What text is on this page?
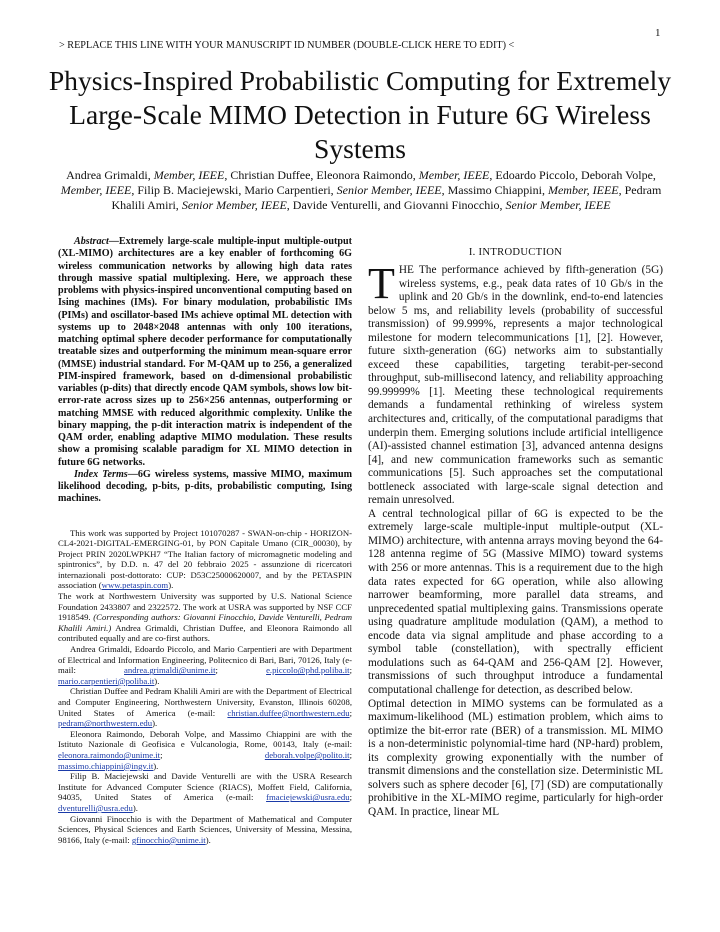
1
> REPLACE THIS LINE WITH YOUR MANUSCRIPT ID NUMBER (DOUBLE-CLICK HERE TO EDIT) <
Physics-Inspired Probabilistic Computing for Extremely Large-Scale MIMO Detection in Future 6G Wireless Systems
Andrea Grimaldi, Member, IEEE, Christian Duffee, Eleonora Raimondo, Member, IEEE, Edoardo Piccolo, Deborah Volpe, Member, IEEE, Filip B. Maciejewski, Mario Carpentieri, Senior Member, IEEE, Massimo Chiappini, Member, IEEE, Pedram Khalili Amiri, Senior Member, IEEE, Davide Venturelli, and Giovanni Finocchio, Senior Member, IEEE

Abstract—Extremely large-scale multiple-input multiple-output (XL-MIMO) architectures are a key enabler of forthcoming 6G wireless communication networks by allowing high data rates through massive spatial multiplexing. Here, we approach these problems with physics-inspired unconventional computing based on Ising machines (IMs). For binary modulation, probabilistic IMs (PIMs) and oscillator-based IMs achieve optimal ML detection with systems up to 2048×2048 antennas with only 100 iterations, matching optimal sphere decoder performance for computationally treatable sizes and outperforming the minimum mean-square error (MMSE) industrial standard. For M-QAM up to 256, a generalized PIM-inspired framework, based on d-dimensional probabilistic variables (p-dits) that directly encode QAM symbols, shows low bit-error-rate across sizes up to 256×256 antennas, outperforming or matching MMSE with reduced algorithmic complexity. Unlike the binary mapping, the p-dit interaction matrix is independent of the QAM order, enabling adaptive MIMO modulation. These results show a promising scalable paradigm for XL MIMO detection in future 6G networks.

Index Terms—6G wireless systems, massive MIMO, maximum likelihood decoding, p-bits, p-dits, probabilistic computing, Ising machines.

This work was supported by Project 101070287 - SWAN-on-chip - HORIZON-CL4-2021-DIGITAL-EMERGING-01, by PON Capitale Umano (CIR_00030), by Project PRIN 2020LWPKH7 “The Italian factory of micromagnetic modeling and spintronics”, by D.D. n. 47 del 20 febbraio 2025 - assunzione di ricercatori internazionali post-dottorato: CUP: D53C25000620007, and by the PETASPIN association (www.petaspin.com).

The work at Northwestern University was supported by U.S. National Science Foundation 2433807 and 2322572. The work at USRA was supported by NSF CCF 1918549. (Corresponding authors: Giovanni Finocchio, Davide Venturelli, Pedram Khalili Amiri.) Andrea Grimaldi, Christian Duffee, and Eleonora Raimondo all contributed equally and are co-first authors.

Andrea Grimaldi, Edoardo Piccolo, and Mario Carpentieri are with Department of Electrical and Information Engineering, Politecnico di Bari, Bari, 70126, Italy (e-mail: andrea.grimaldi@unime.it; e.piccolo@phd.poliba.it; mario.carpentieri@poliba.it).

Christian Duffee and Pedram Khalili Amiri are with the Department of Electrical and Computer Engineering, Northwestern University, Evanston, Illinois 60208, United States of America (e-mail: christian.duffee@northwestern.edu; pedram@northwestern.edu).

Eleonora Raimondo, Deborah Volpe, and Massimo Chiappini are with the Istituto Nazionale di Geofisica e Vulcanologia, Rome, 00143, Italy (e-mail: eleonora.raimondo@unime.it; deborah.volpe@polito.it; massimo.chiappini@ingv.it).

Filip B. Maciejewski and Davide Venturelli are with the USRA Research Institute for Advanced Computer Science (RIACS), Moffett Field, California, 94035, United States of America (e-mail: fmaciejewski@usra.edu; dventurelli@usra.edu).

Giovanni Finocchio is with the Department of Mathematical and Computer Sciences, Physical Sciences and Earth Sciences, University of Messina, Messina, 98166, Italy (e-mail: gfinocchio@unime.it).

I. INTRODUCTION

THE The performance achieved by fifth-generation (5G) wireless systems, e.g., peak data rates of 10 Gb/s in the uplink and 20 Gb/s in the downlink, end-to-end latencies below 5 ms, and reliability levels (probability of successful transmission) of 99.999%, represents a major technological milestone for modern telecommunications [1], [2]. However, future sixth-generation (6G) networks aim to substantially exceed these capabilities, targeting terabit-per-second throughput, sub-millisecond latency, and reliability approaching 99.99999% [1]. Meeting these technological requirements demands a fundamental rethinking of wireless system architectures and, critically, of the computational paradigms that underpin them. Emerging solutions include artificial intelligence (AI)-assisted channel estimation [3], advanced antenna designs [4], and new communication frameworks such as semantic communications [5]. Such approaches set the computational bottleneck associated with large-scale signal detection and remain unresolved.

A central technological pillar of 6G is expected to be the extremely large-scale multiple-input multiple-output (XL-MIMO) architecture, with antenna arrays moving beyond the 64-128 antenna regime of 5G (Massive MIMO) toward systems with 256 or more antennas. This is a requirement due to the high data rates expected for 6G operation, while also allowing narrower beamforming, more parallel data streams, and unprecedented spatial multiplexing gains. Transmissions operate using quadrature amplitude modulation (QAM), a method to encode data via signal amplitude and phase according to a symbol table (constellation), with spectrally efficient modulations such as 64-QAM and 256-QAM [2]. However, transmissions of such throughput introduce a fundamental computational challenge for detection, as described below.

Optimal detection in MIMO systems can be formulated as a maximum-likelihood (ML) estimation problem, which aims to optimize the bit-error rate (BER) of a transmission. ML MIMO is a non-deterministic polynomial-time hard (NP-hard) problem, its complexity growing exponentially with the number of transmit dimensions and the constellation size. Deterministic ML solvers such as sphere decoder [6], [7] (SD) are computationally prohibitive in the XL-MIMO regime, particularly for high-order QAM. In practice, linear ML
